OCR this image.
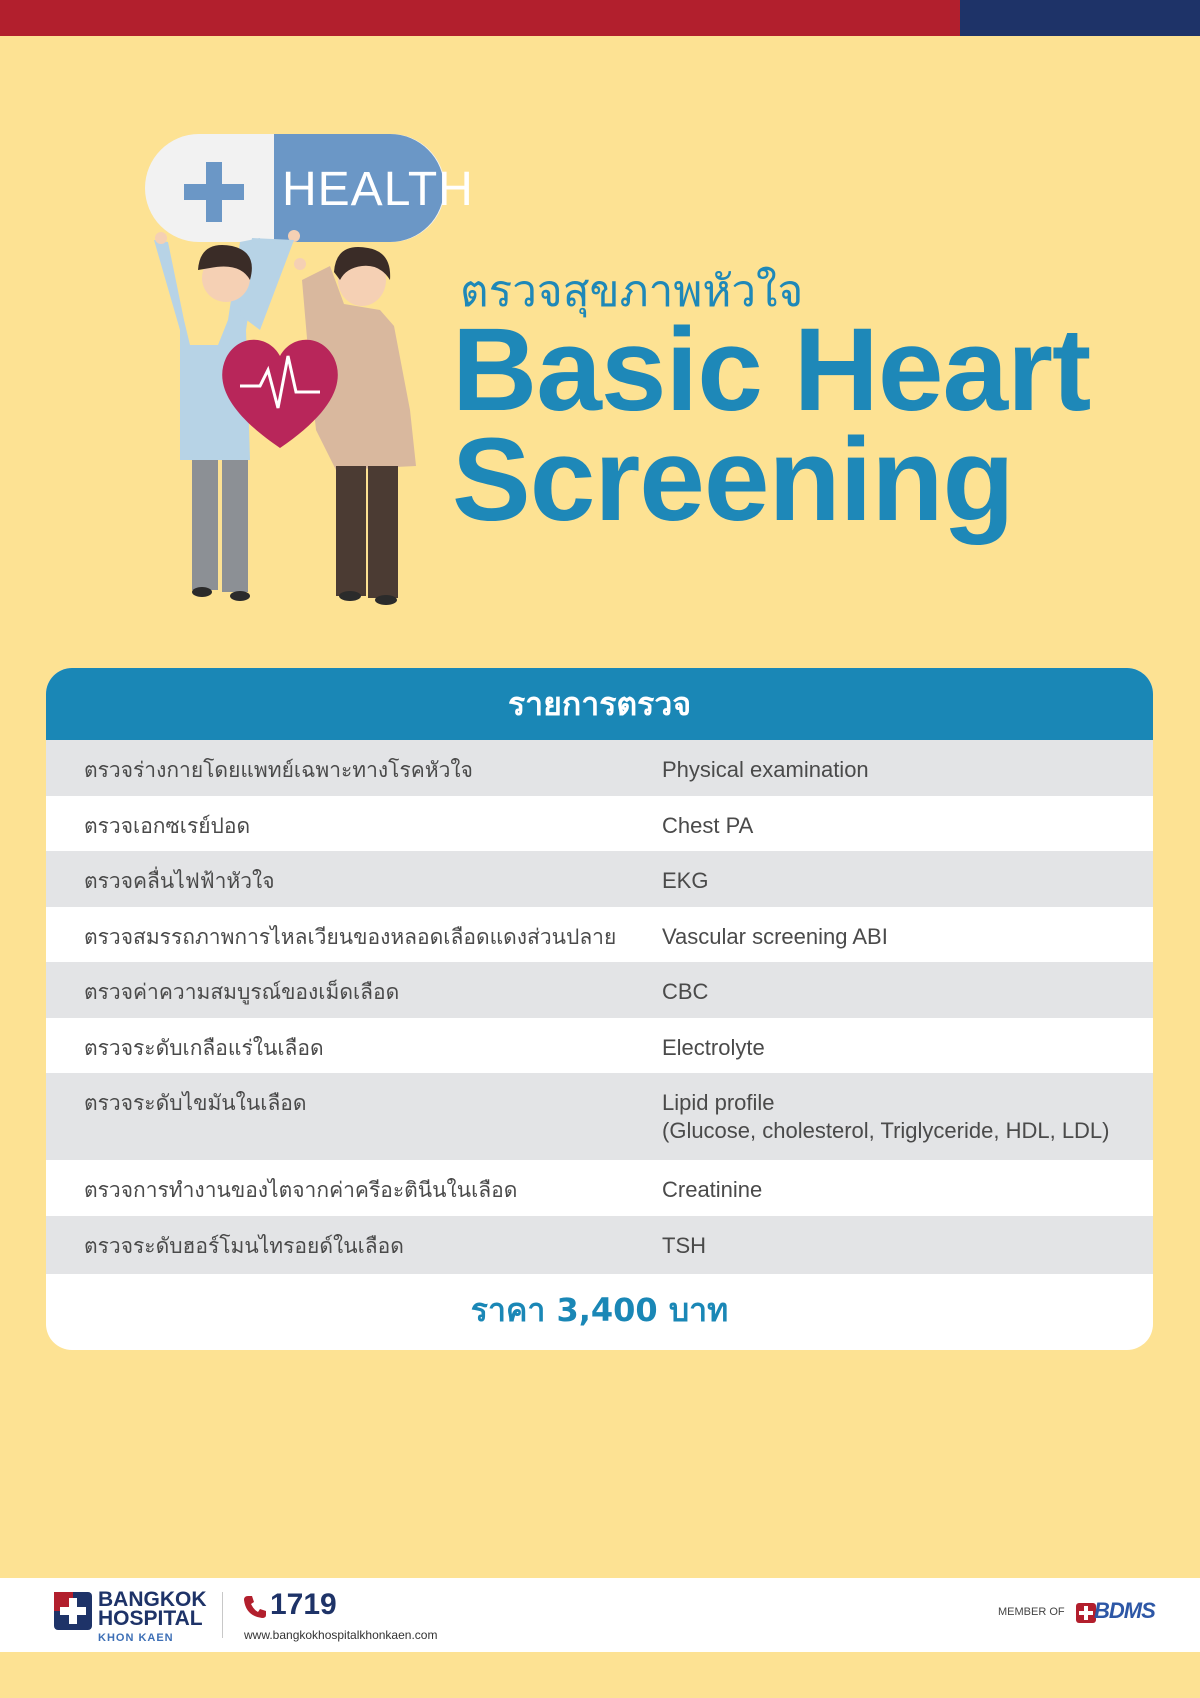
HEALTH
ตรวจสุขภาพหัวใจ
Basic Heart
Screening
รายการตรวจ
ตรวจร่างกายโดยแพทย์เฉพาะทางโรคหัวใจ	Physical examination
ตรวจเอกซเรย์ปอด	Chest PA
ตรวจคลื่นไฟฟ้าหัวใจ	EKG
ตรวจสมรรถภาพการไหลเวียนของหลอดเลือดแดงส่วนปลาย	Vascular screening ABI
ตรวจค่าความสมบูรณ์ของเม็ดเลือด	CBC
ตรวจระดับเกลือแร่ในเลือด	Electrolyte
ตรวจระดับไขมันในเลือด	Lipid profile
(Glucose, cholesterol, Triglyceride, HDL, LDL)
ตรวจการทำงานของไตจากค่าครีอะตินีนในเลือด	Creatinine
ตรวจระดับฮอร์โมนไทรอยด์ในเลือด	TSH
ราคา 3,400 บาท
BANGKOK
HOSPITAL
KHON KAEN
1719
www.bangkokhospitalkhonkaen.com
MEMBER OF BDMS
